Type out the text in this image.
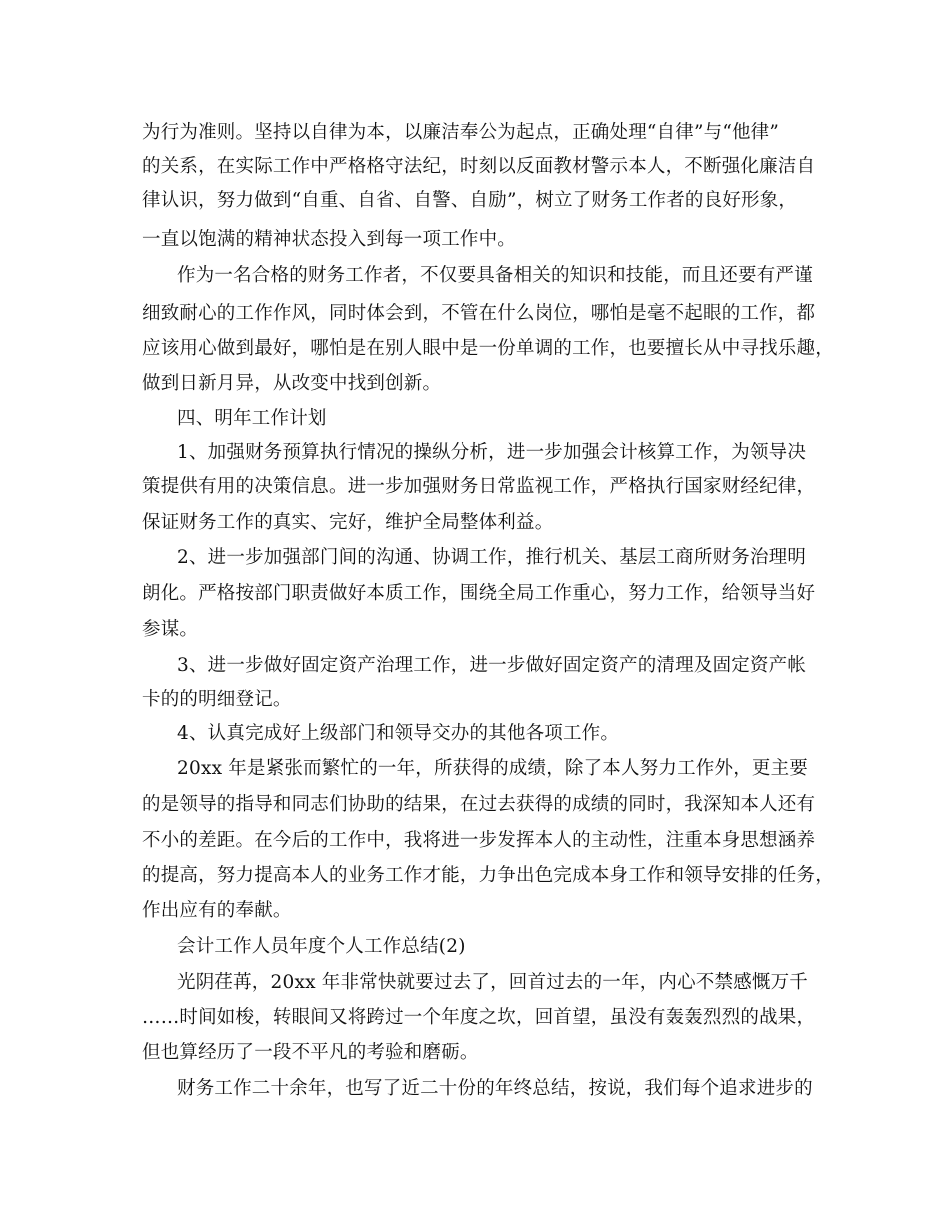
为行为准则。坚持以自律为本，以廉洁奉公为起点，正确处理“自律”与“他律”
的关系，在实际工作中严格格守法纪，时刻以反面教材警示本人，不断强化廉洁自
律认识，努力做到“自重、自省、自警、自励”，树立了财务工作者的良好形象，
一直以饱满的精神状态投入到每一项工作中。
作为一名合格的财务工作者，不仅要具备相关的知识和技能，而且还要有严谨
细致耐心的工作作风，同时体会到，不管在什么岗位，哪怕是毫不起眼的工作，都
应该用心做到最好，哪怕是在别人眼中是一份单调的工作，也要擅长从中寻找乐趣，
做到日新月异，从改变中找到创新。
四、明年工作计划
1、加强财务预算执行情况的操纵分析，进一步加强会计核算工作，为领导决
策提供有用的决策信息。进一步加强财务日常监视工作，严格执行国家财经纪律，
保证财务工作的真实、完好，维护全局整体利益。
2、进一步加强部门间的沟通、协调工作，推行机关、基层工商所财务治理明
朗化。严格按部门职责做好本质工作，围绕全局工作重心，努力工作，给领导当好
参谋。
3、进一步做好固定资产治理工作，进一步做好固定资产的清理及固定资产帐
卡的的明细登记。
4、认真完成好上级部门和领导交办的其他各项工作。
20xx 年是紧张而繁忙的一年，所获得的成绩，除了本人努力工作外，更主要
的是领导的指导和同志们协助的结果，在过去获得的成绩的同时，我深知本人还有
不小的差距。在今后的工作中，我将进一步发挥本人的主动性，注重本身思想涵养
的提高，努力提高本人的业务工作才能，力争出色完成本身工作和领导安排的任务，
作出应有的奉献。
会计工作人员年度个人工作总结(2)
光阴荏苒，20xx 年非常快就要过去了，回首过去的一年，内心不禁感慨万千
……时间如梭，转眼间又将跨过一个年度之坎，回首望，虽没有轰轰烈烈的战果，
但也算经历了一段不平凡的考验和磨砺。
财务工作二十余年，也写了近二十份的年终总结，按说，我们每个追求进步的
